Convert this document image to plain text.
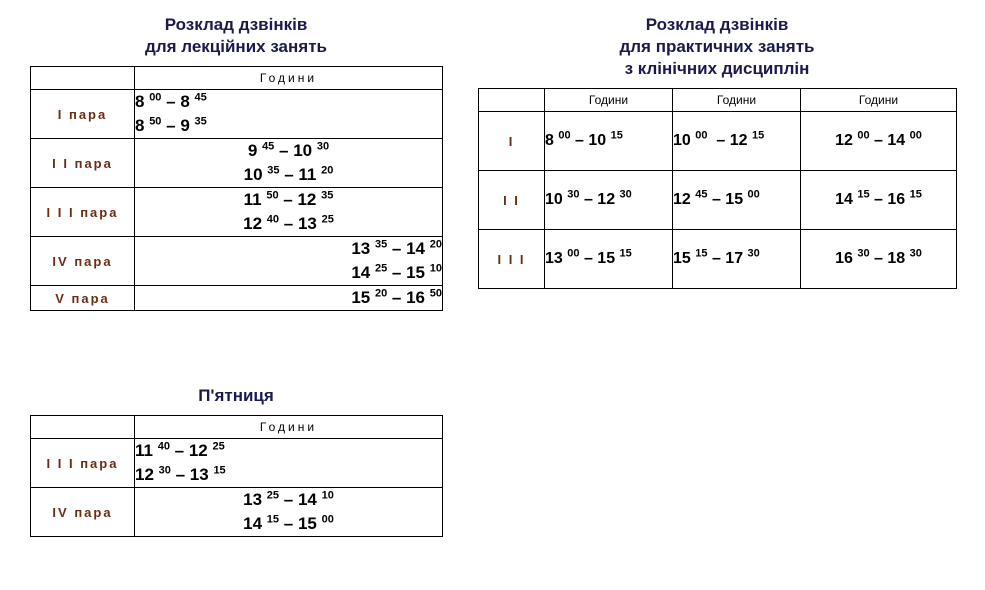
Розклад дзвінків
для лекційних занять
	Години
I пара	8 $^{00}$ – 8 $^{45}$
8 $^{50}$ – 9 $^{35}$

I I пара	9 $^{45}$ – 10 $^{30}$
10 $^{35}$ – 11 $^{20}$

I I I пара	11 $^{50}$ – 12 $^{35}$
12 $^{40}$ – 13 $^{25}$

IV пара	13 $^{35}$ – 14 $^{20}$
14 $^{25}$ – 15 $^{10}$

V пара	15 $^{20}$ – 16 $^{50}$
П'ятниця
	Години
I I I пара	11 $^{40}$ – 12 $^{25}$
12 $^{30}$ – 13 $^{15}$

IV пара	13 $^{25}$ – 14 $^{10}$
14 $^{15}$ – 15 $^{00}$
Розклад дзвінків
для практичних занять
з клінічних дисциплін
	Години	Години	Години
I	8 $^{00}$ – 10 $^{15}$	10 $^{00}$  – 12 $^{15}$	12 $^{00}$ – 14 $^{00}$
I I	10 $^{30}$ – 12 $^{30}$	12 $^{45}$ – 15 $^{00}$	14 $^{15}$ – 16 $^{15}$
I I I	13 $^{00}$ – 15 $^{15}$	15 $^{15}$ – 17 $^{30}$	16 $^{30}$ – 18 $^{30}$
